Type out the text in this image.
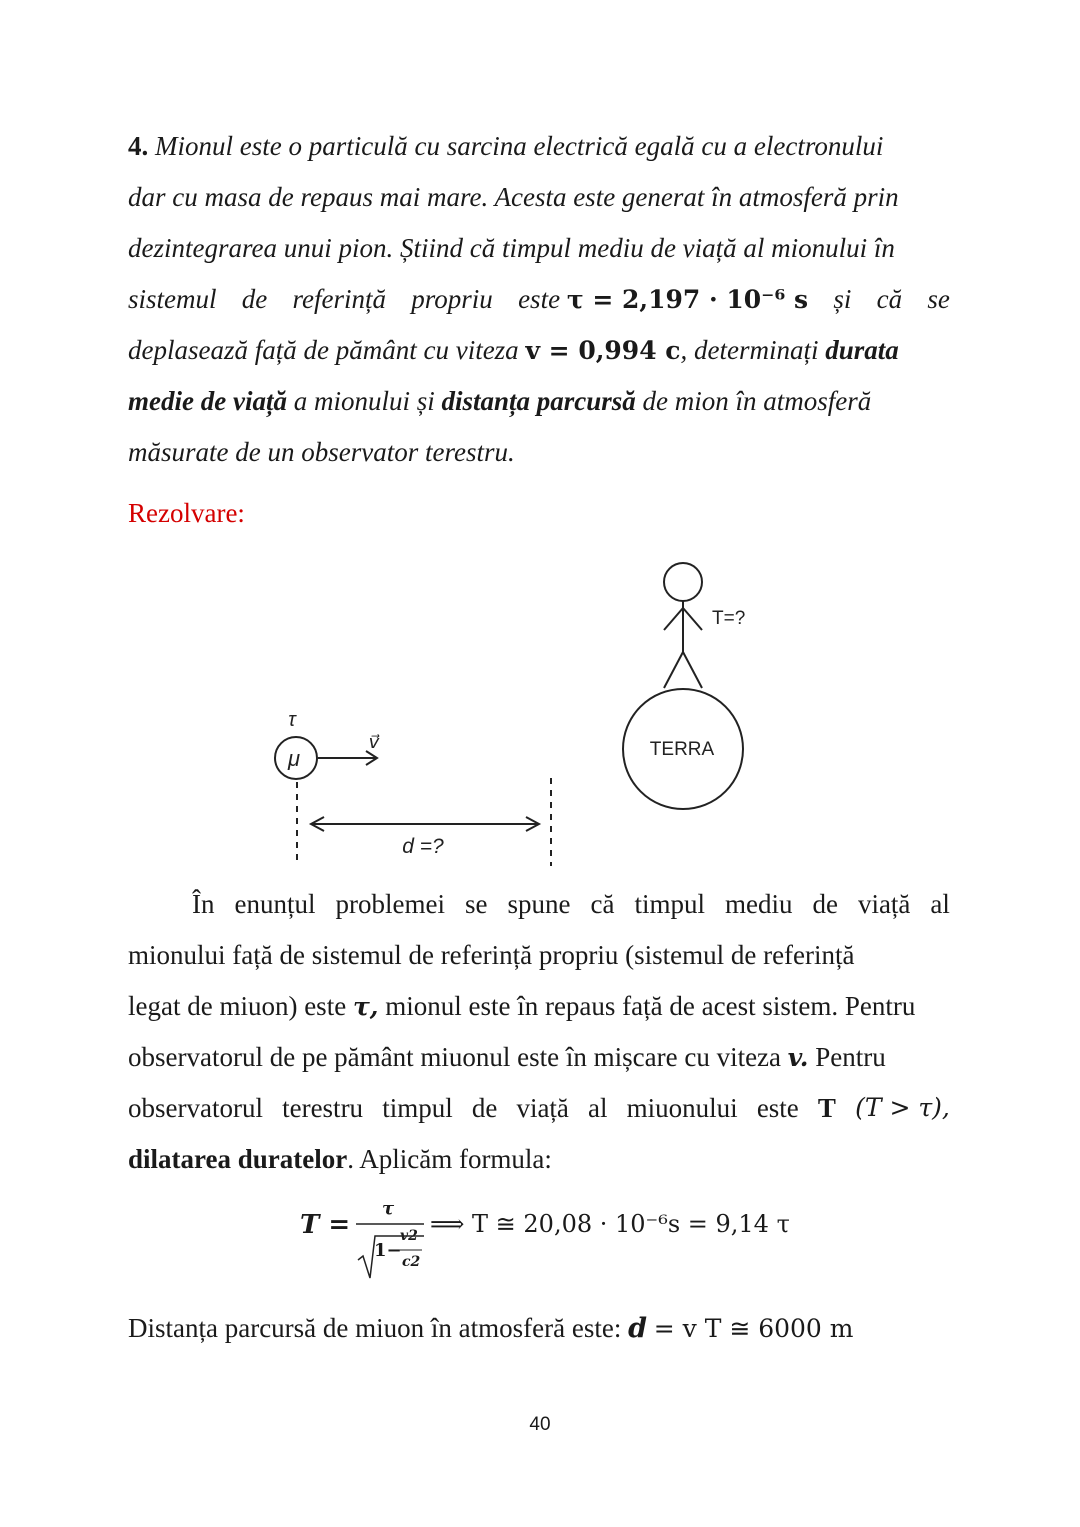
4. Mionul este o particulă cu sarcina electrică egală cu a electronului
dar cu masa de repaus mai mare. Acesta este generat în atmosferă prin
dezintegrarea unui pion. Știind că timpul mediu de viață al mionului în
sistemul de referință propriu este τ = 2,197 · 10⁻⁶ s și că se
deplasează față de pământ cu viteza v = 0,994 c, determinați durata
medie de viață a mionului și distanța parcursă de mion în atmosferă
măsurate de un observator terestru.
Rezolvare:
τ
μ
v⃗
d =?
T=?
TERRA
În enunțul problemei se spune că timpul mediu de viață al
mionului față de sistemul de referință propriu (sistemul de referință
legat de miuon) este τ, mionul este în repaus față de acest sistem. Pentru
observatorul de pe pământ miuonul este în mișcare cu viteza v. Pentru
observatorul terestru timpul de viață al miuonului este T (T > τ),
dilatarea duratelor. Aplicăm formula:
T =
τ
1−
v2
c2
⟹ T ≅ 20,08 · 10⁻⁶s = 9,14 τ
Distanța parcursă de miuon în atmosferă este: d = v T ≅ 6000 m
40
